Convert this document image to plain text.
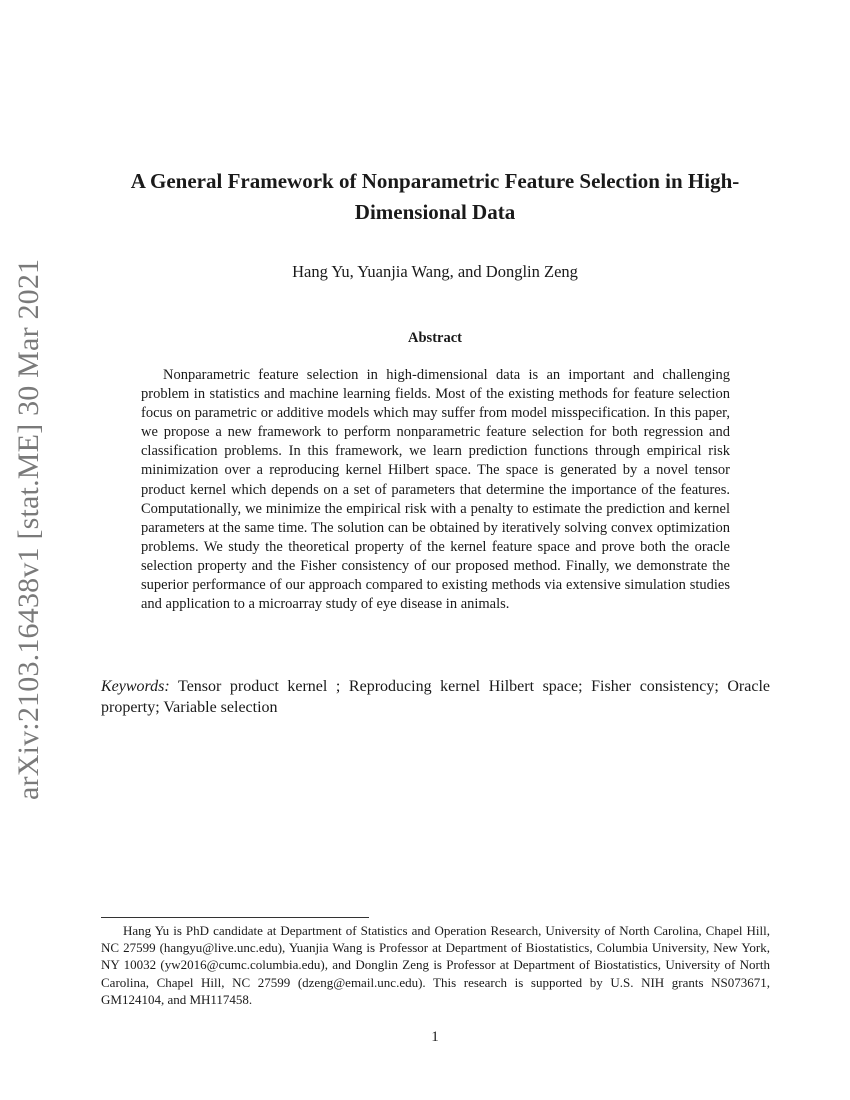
arXiv:2103.16438v1 [stat.ME] 30 Mar 2021
A General Framework of Nonparametric Feature Selection in High-Dimensional Data
Hang Yu, Yuanjia Wang, and Donglin Zeng
Abstract

Nonparametric feature selection in high-dimensional data is an important and challenging problem in statistics and machine learning fields. Most of the existing methods for feature selection focus on parametric or additive models which may suffer from model misspecification. In this paper, we propose a new framework to perform nonparametric feature selection for both regression and classification problems. In this framework, we learn prediction functions through empirical risk minimization over a reproducing kernel Hilbert space. The space is generated by a novel tensor product kernel which depends on a set of parameters that determine the importance of the features. Computationally, we minimize the empirical risk with a penalty to estimate the prediction and kernel parameters at the same time. The solution can be obtained by iteratively solving convex optimization problems. We study the theoretical property of the kernel feature space and prove both the oracle selection property and the Fisher consistency of our proposed method. Finally, we demonstrate the superior performance of our approach compared to existing methods via extensive simulation studies and application to a microarray study of eye disease in animals.

Keywords: Tensor product kernel ; Reproducing kernel Hilbert space; Fisher consistency; Oracle property; Variable selection

Hang Yu is PhD candidate at Department of Statistics and Operation Research, University of North Carolina, Chapel Hill, NC 27599 (hangyu@live.unc.edu), Yuanjia Wang is Professor at Department of Biostatistics, Columbia University, New York, NY 10032 (yw2016@cumc.columbia.edu), and Donglin Zeng is Professor at Department of Biostatistics, University of North Carolina, Chapel Hill, NC 27599 (dzeng@email.unc.edu). This research is supported by U.S. NIH grants NS073671, GM124104, and MH117458.

1
